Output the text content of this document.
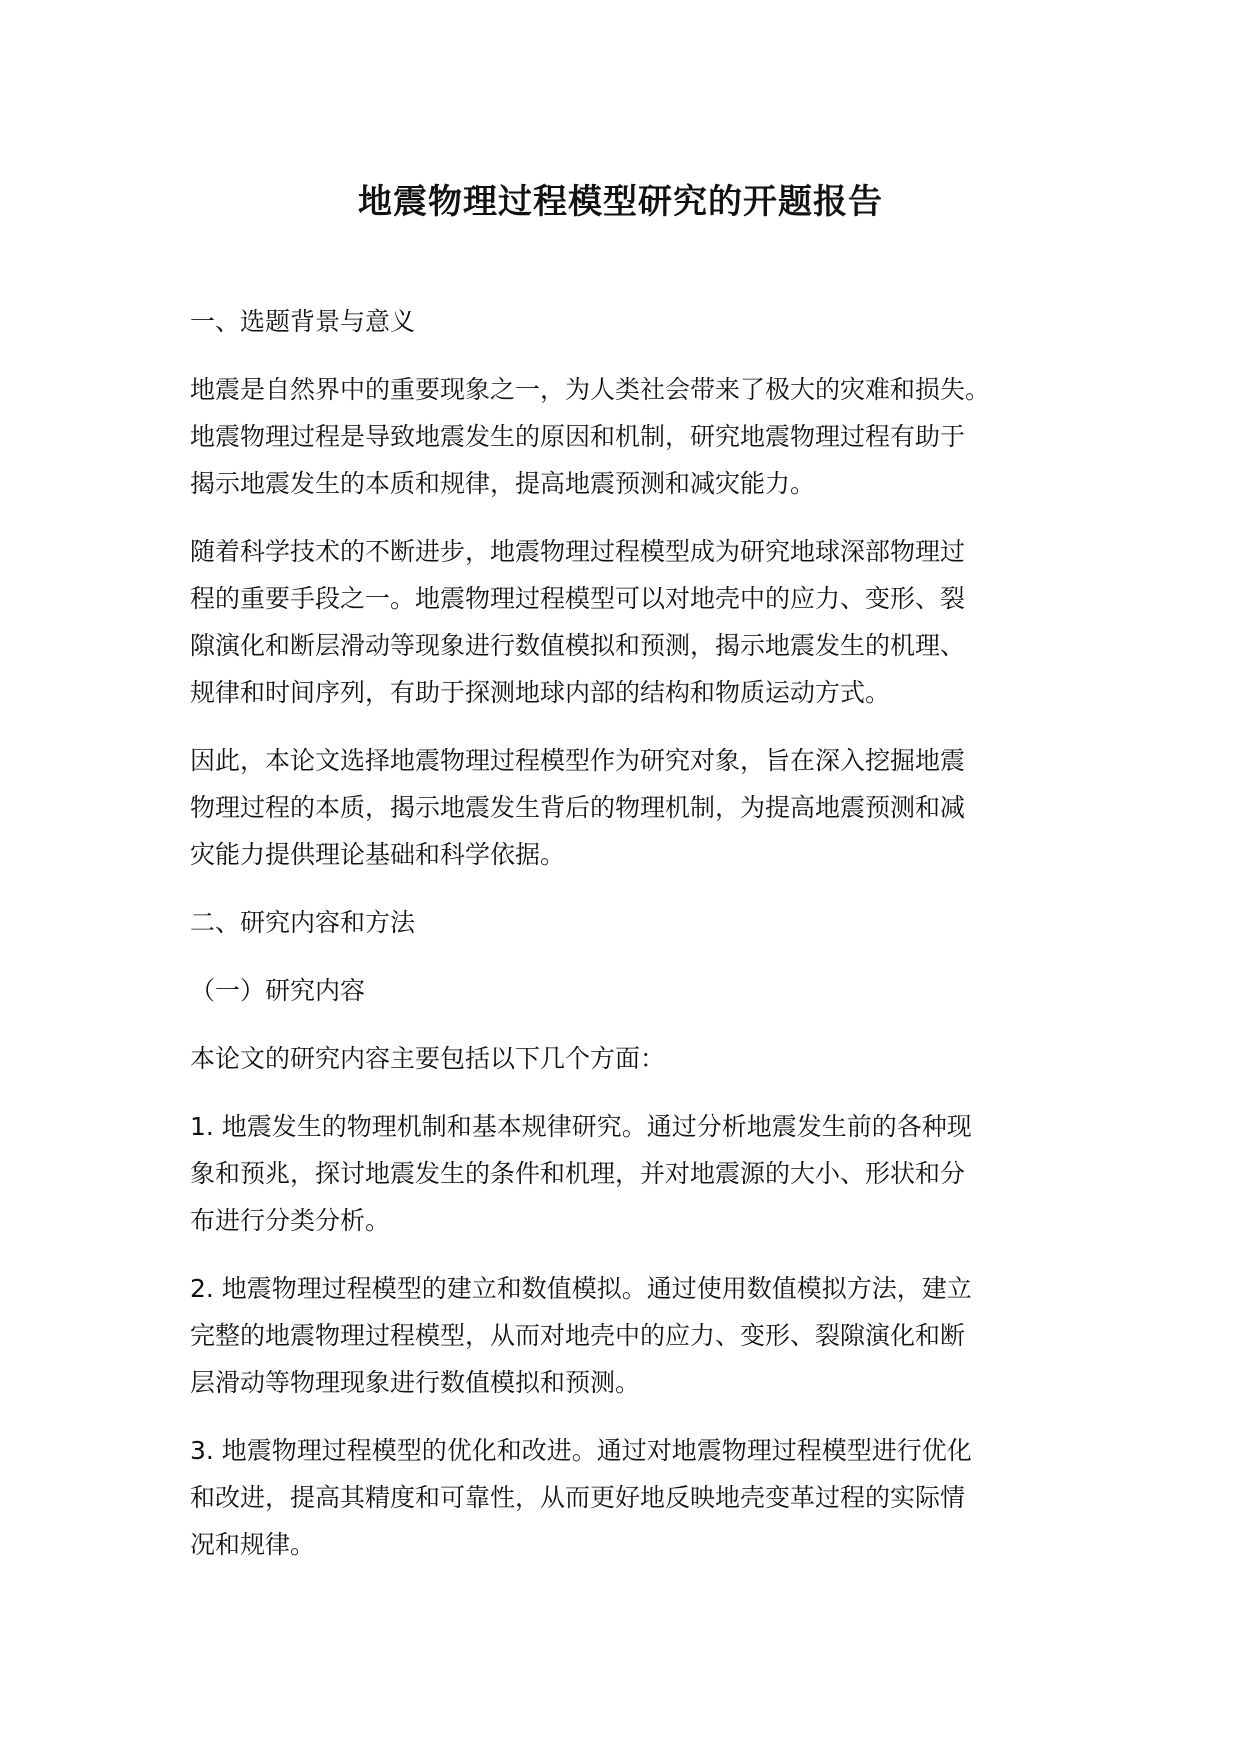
地震物理过程模型研究的开题报告

一、选题背景与意义

地震是自然界中的重要现象之一，为人类社会带来了极大的灾难和损失。
地震物理过程是导致地震发生的原因和机制，研究地震物理过程有助于
揭示地震发生的本质和规律，提高地震预测和减灾能力。

随着科学技术的不断进步，地震物理过程模型成为研究地球深部物理过
程的重要手段之一。地震物理过程模型可以对地壳中的应力、变形、裂
隙演化和断层滑动等现象进行数值模拟和预测，揭示地震发生的机理、
规律和时间序列，有助于探测地球内部的结构和物质运动方式。

因此，本论文选择地震物理过程模型作为研究对象，旨在深入挖掘地震
物理过程的本质，揭示地震发生背后的物理机制，为提高地震预测和减
灾能力提供理论基础和科学依据。

二、研究内容和方法

（一）研究内容

本论文的研究内容主要包括以下几个方面：

1. 地震发生的物理机制和基本规律研究。通过分析地震发生前的各种现
象和预兆，探讨地震发生的条件和机理，并对地震源的大小、形状和分
布进行分类分析。

2. 地震物理过程模型的建立和数值模拟。通过使用数值模拟方法，建立
完整的地震物理过程模型，从而对地壳中的应力、变形、裂隙演化和断
层滑动等物理现象进行数值模拟和预测。

3. 地震物理过程模型的优化和改进。通过对地震物理过程模型进行优化
和改进，提高其精度和可靠性，从而更好地反映地壳变革过程的实际情
况和规律。
